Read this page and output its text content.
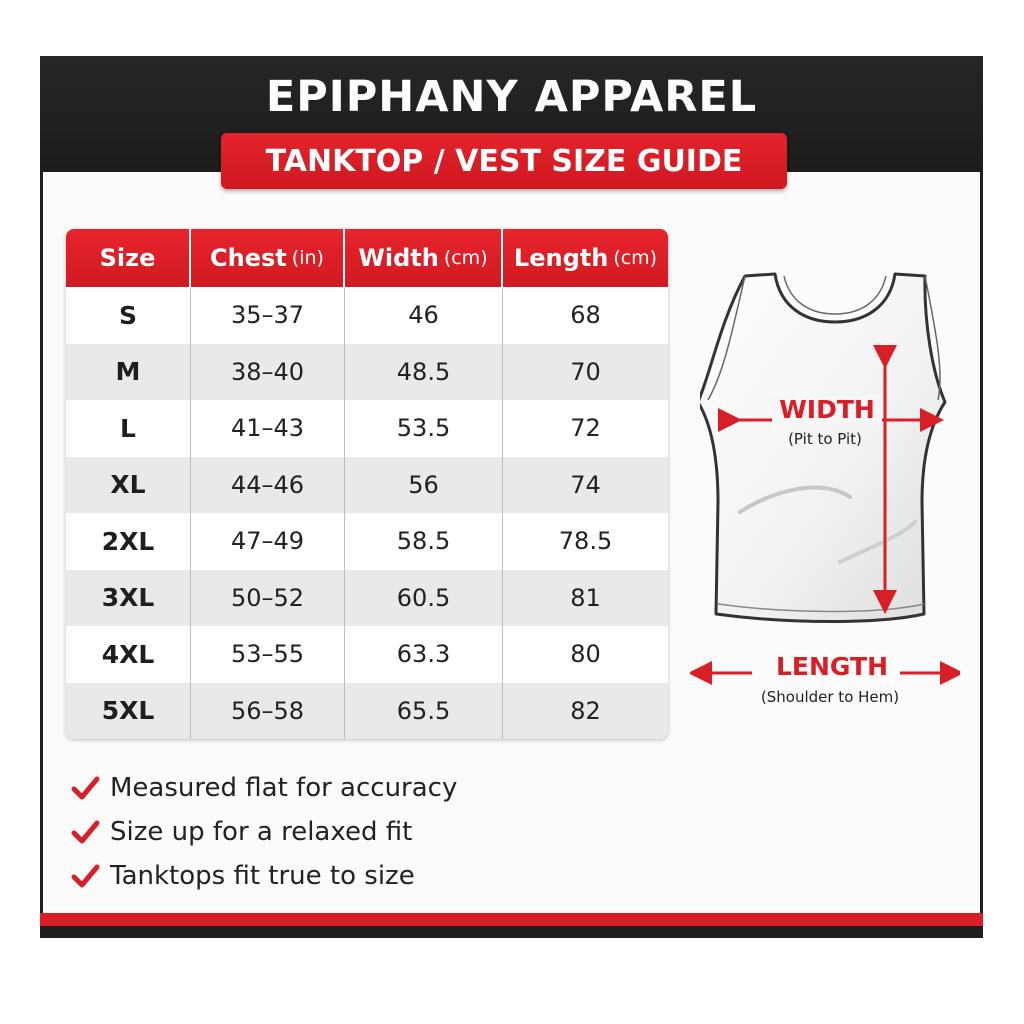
EPIPHANY APPAREL
TANKTOP / VEST SIZE GUIDE
Size Chest (in) Width (cm) Length (cm)
S	35–37	46	68
M	38–40	48.5	70
L	41–43	53.5	72
XL	44–46	56	74
2XL	47–49	58.5	78.5
3XL	50–52	60.5	81
4XL	53–55	63.3	80
5XL	56–58	65.5	82
WIDTH
(Pit to Pit)
LENGTH
(Shoulder to Hem)
Measured flat for accuracy
Size up for a relaxed fit
Tanktops fit true to size
